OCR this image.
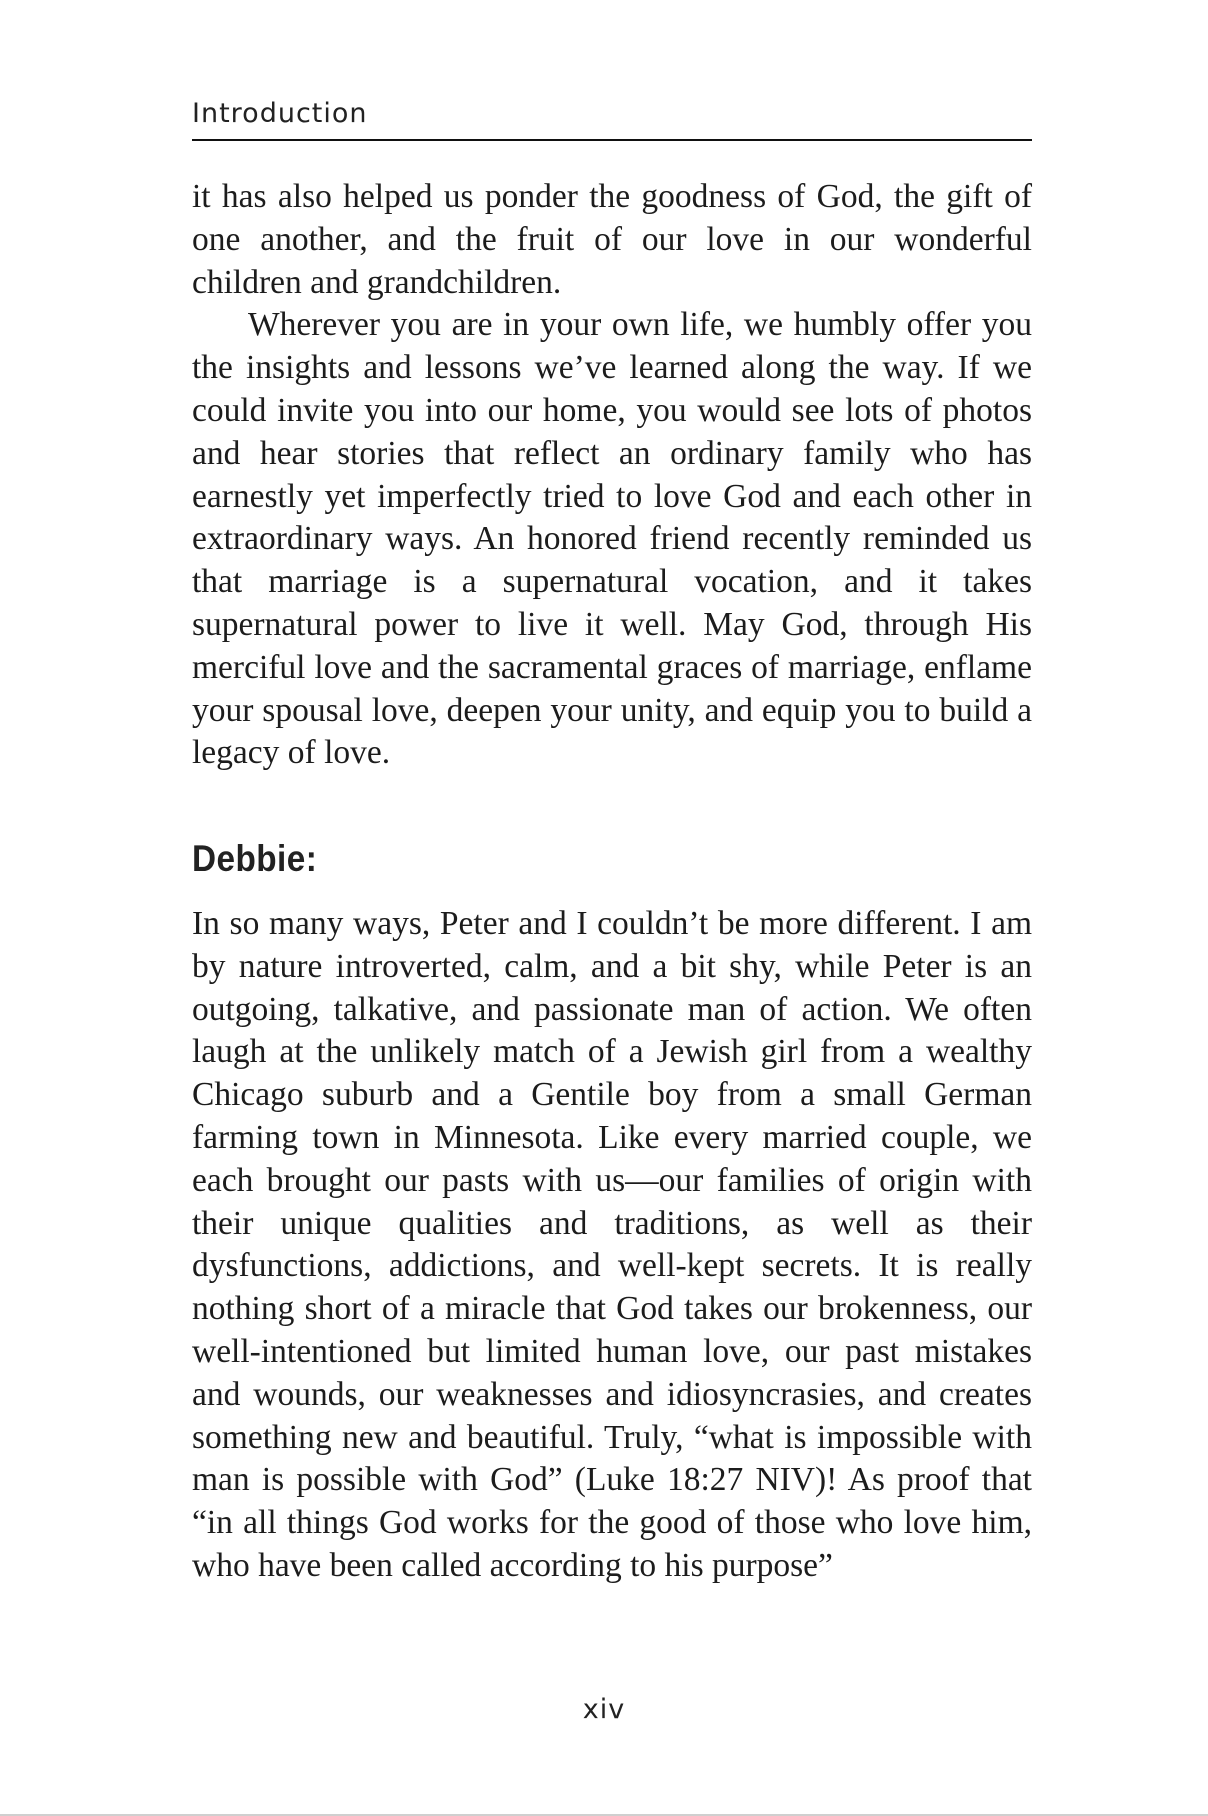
Introduction

it has also helped us ponder the goodness of God, the gift of one another, and the fruit of our love in our wonderful children and grandchildren.

Wherever you are in your own life, we humbly offer you the insights and lessons we’ve learned along the way. If we could invite you into our home, you would see lots of photos and hear stories that reflect an ordinary family who has earnestly yet imperfectly tried to love God and each other in extraordinary ways. An honored friend recently reminded us that marriage is a supernatural vocation, and it takes supernatural power to live it well. May God, through His merciful love and the sacramental graces of marriage, enflame your spousal love, deepen your unity, and equip you to build a legacy of love.

Debbie:

In so many ways, Peter and I couldn’t be more different. I am by nature introverted, calm, and a bit shy, while Peter is an outgoing, talkative, and passionate man of action. We often laugh at the unlikely match of a Jewish girl from a wealthy Chicago suburb and a Gentile boy from a small German farming town in Minnesota. Like every married couple, we each brought our pasts with us—our families of origin with their unique qualities and traditions, as well as their dysfunctions, addictions, and well-kept secrets. It is really nothing short of a miracle that God takes our brokenness, our well-intentioned but limited human love, our past mistakes and wounds, our weaknesses and idiosyncrasies, and creates something new and beautiful. Truly, “what is impossible with man is possible with God” (Luke 18:27 NIV)! As proof that “in all things God works for the good of those who love him, who have been called according to his purpose”

xiv
